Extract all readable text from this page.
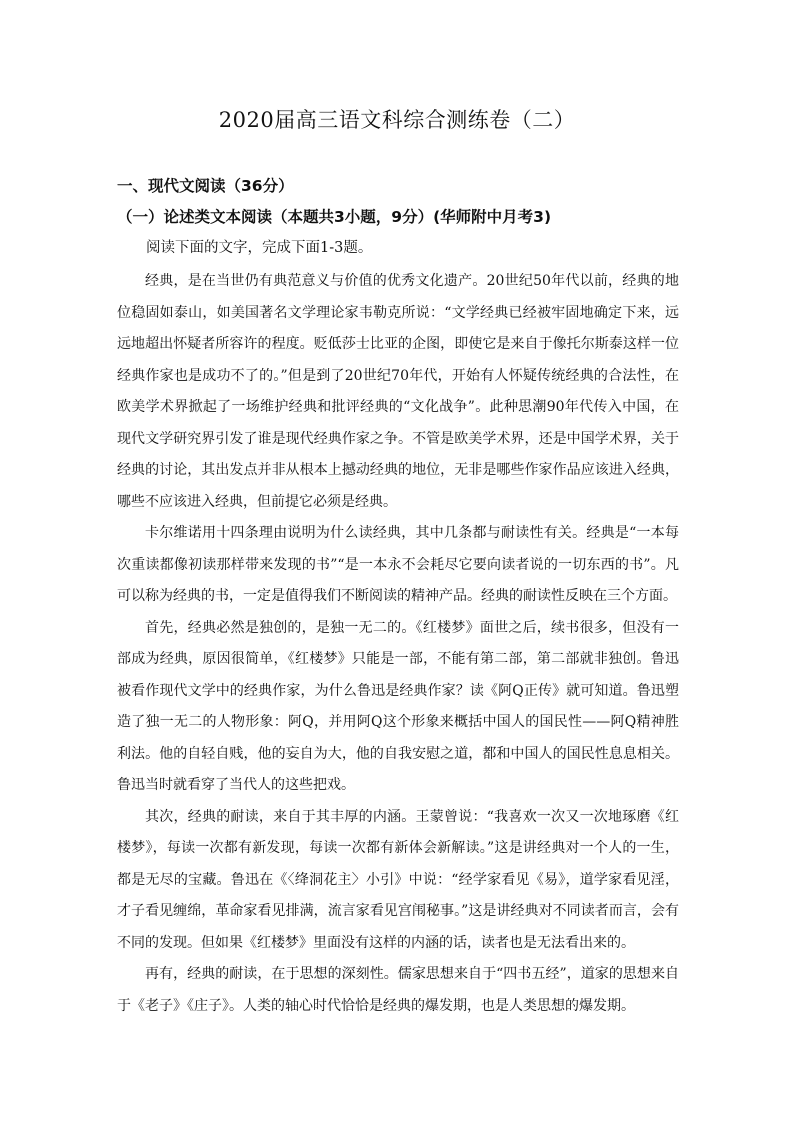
2020届高三语文科综合测练卷（二）
一、现代文阅读（36分）
（一）论述类文本阅读（本题共3小题，9分）(华师附中月考3)
阅读下面的文字，完成下面1-3题。

经典，是在当世仍有典范意义与价值的优秀文化遗产。20世纪50年代以前，经典的地位稳固如泰山，如美国著名文学理论家韦勒克所说：“文学经典已经被牢固地确定下来，远远地超出怀疑者所容许的程度。贬低莎士比亚的企图，即使它是来自于像托尔斯泰这样一位经典作家也是成功不了的。”但是到了20世纪70年代，开始有人怀疑传统经典的合法性，在欧美学术界掀起了一场维护经典和批评经典的“文化战争”。此种思潮90年代传入中国，在现代文学研究界引发了谁是现代经典作家之争。不管是欧美学术界，还是中国学术界，关于经典的讨论，其出发点并非从根本上撼动经典的地位，无非是哪些作家作品应该进入经典，哪些不应该进入经典，但前提它必须是经典。

卡尔维诺用十四条理由说明为什么读经典，其中几条都与耐读性有关。经典是“一本每次重读都像初读那样带来发现的书”“是一本永不会耗尽它要向读者说的一切东西的书”。凡可以称为经典的书，一定是值得我们不断阅读的精神产品。经典的耐读性反映在三个方面。

首先，经典必然是独创的，是独一无二的。《红楼梦》面世之后，续书很多，但没有一部成为经典，原因很简单，《红楼梦》只能是一部，不能有第二部，第二部就非独创。鲁迅被看作现代文学中的经典作家，为什么鲁迅是经典作家？读《阿Q正传》就可知道。鲁迅塑造了独一无二的人物形象：阿Q，并用阿Q这个形象来概括中国人的国民性——阿Q精神胜利法。他的自轻自贱，他的妄自为大，他的自我安慰之道，都和中国人的国民性息息相关。鲁迅当时就看穿了当代人的这些把戏。

其次，经典的耐读，来自于其丰厚的内涵。王蒙曾说：“我喜欢一次又一次地琢磨《红楼梦》，每读一次都有新发现，每读一次都有新体会新解读。”这是讲经典对一个人的一生，都是无尽的宝藏。鲁迅在《〈绛洞花主〉小引》中说：“经学家看见《易》，道学家看见淫，才子看见缠绵，革命家看见排满，流言家看见宫闱秘事。”这是讲经典对不同读者而言，会有不同的发现。但如果《红楼梦》里面没有这样的内涵的话，读者也是无法看出来的。

再有，经典的耐读，在于思想的深刻性。儒家思想来自于“四书五经”，道家的思想来自于《老子》《庄子》。人类的轴心时代恰恰是经典的爆发期，也是人类思想的爆发期。
